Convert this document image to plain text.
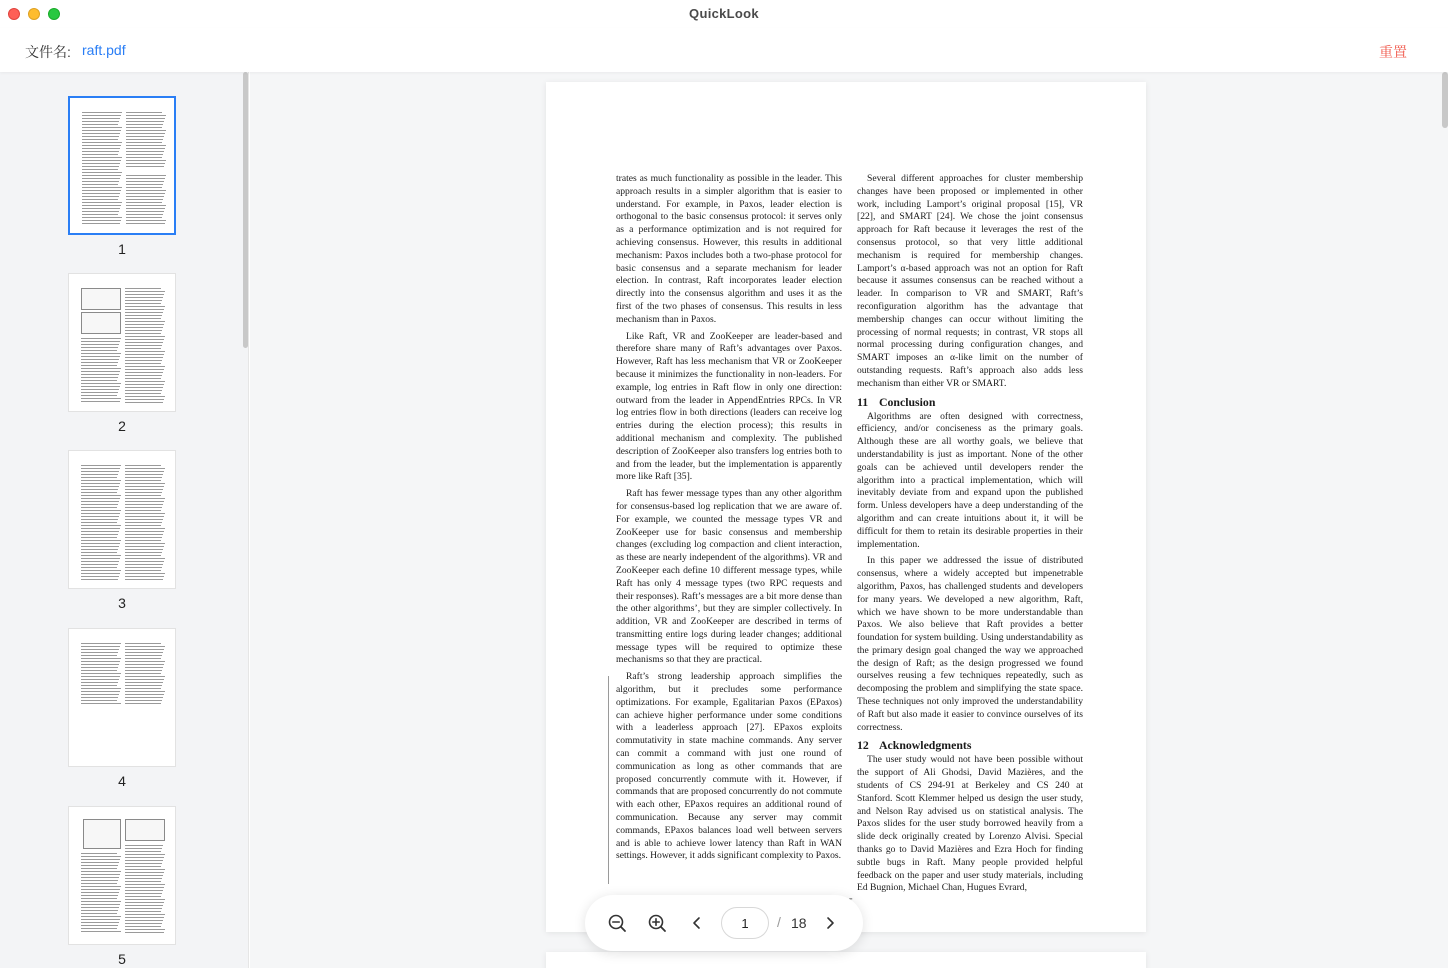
QuickLook
文件名: raft.pdf	重置
1
2
3
4
5

trates as much functionality as possible in the leader. This approach results in a simpler algorithm that is easier to understand. For example, in Paxos, leader election is orthogonal to the basic consensus protocol: it serves only as a performance optimization and is not required for achieving consensus. However, this results in additional mechanism: Paxos includes both a two-phase protocol for basic consensus and a separate mechanism for leader election. In contrast, Raft incorporates leader election directly into the consensus algorithm and uses it as the first of the two phases of consensus. This results in less mechanism than in Paxos.

Like Raft, VR and ZooKeeper are leader-based and therefore share many of Raft’s advantages over Paxos. However, Raft has less mechanism that VR or ZooKeeper because it minimizes the functionality in non-leaders. For example, log entries in Raft flow in only one direction: outward from the leader in AppendEntries RPCs. In VR log entries flow in both directions (leaders can receive log entries during the election process); this results in additional mechanism and complexity. The published description of ZooKeeper also transfers log entries both to and from the leader, but the implementation is apparently more like Raft [35].

Raft has fewer message types than any other algorithm for consensus-based log replication that we are aware of. For example, we counted the message types VR and ZooKeeper use for basic consensus and membership changes (excluding log compaction and client interaction, as these are nearly independent of the algorithms). VR and ZooKeeper each define 10 different message types, while Raft has only 4 message types (two RPC requests and their responses). Raft’s messages are a bit more dense than the other algorithms’, but they are simpler collectively. In addition, VR and ZooKeeper are described in terms of transmitting entire logs during leader changes; additional message types will be required to optimize these mechanisms so that they are practical.

Raft’s strong leadership approach simplifies the algorithm, but it precludes some performance optimizations. For example, Egalitarian Paxos (EPaxos) can achieve higher performance under some conditions with a leaderless approach [27]. EPaxos exploits commutativity in state machine commands. Any server can commit a command with just one round of communication as long as other commands that are proposed concurrently commute with it. However, if commands that are proposed concurrently do not commute with each other, EPaxos requires an additional round of communication. Because any server may commit commands, EPaxos balances load well between servers and is able to achieve lower latency than Raft in WAN settings. However, it adds significant complexity to Paxos.

Several different approaches for cluster membership changes have been proposed or implemented in other work, including Lamport’s original proposal [15], VR [22], and SMART [24]. We chose the joint consensus approach for Raft because it leverages the rest of the consensus protocol, so that very little additional mechanism is required for membership changes. Lamport’s α-based approach was not an option for Raft because it assumes consensus can be reached without a leader. In comparison to VR and SMART, Raft’s reconfiguration algorithm has the advantage that membership changes can occur without limiting the processing of normal requests; in contrast, VR stops all normal processing during configuration changes, and SMART imposes an α-like limit on the number of outstanding requests. Raft’s approach also adds less mechanism than either VR or SMART.

11 Conclusion

Algorithms are often designed with correctness, efficiency, and/or conciseness as the primary goals. Although these are all worthy goals, we believe that understandability is just as important. None of the other goals can be achieved until developers render the algorithm into a practical implementation, which will inevitably deviate from and expand upon the published form. Unless developers have a deep understanding of the algorithm and can create intuitions about it, it will be difficult for them to retain its desirable properties in their implementation.

In this paper we addressed the issue of distributed consensus, where a widely accepted but impenetrable algorithm, Paxos, has challenged students and developers for many years. We developed a new algorithm, Raft, which we have shown to be more understandable than Paxos. We also believe that Raft provides a better foundation for system building. Using understandability as the primary design goal changed the way we approached the design of Raft; as the design progressed we found ourselves reusing a few techniques repeatedly, such as decomposing the problem and simplifying the state space. These techniques not only improved the understandability of Raft but also made it easier to convince ourselves of its correctness.

12 Acknowledgments

The user study would not have been possible without the support of Ali Ghodsi, David Mazières, and the students of CS 294-91 at Berkeley and CS 240 at Stanford. Scott Klemmer helped us design the user study, and Nelson Ray advised us on statistical analysis. The Paxos slides for the user study borrowed heavily from a slide deck originally created by Lorenzo Alvisi. Special thanks go to David Mazières and Ezra Hoch for finding subtle bugs in Raft. Many people provided helpful feedback on the paper and user study materials, including Ed Bugnion, Michael Chan, Hugues Evrard,

1
/ 18
